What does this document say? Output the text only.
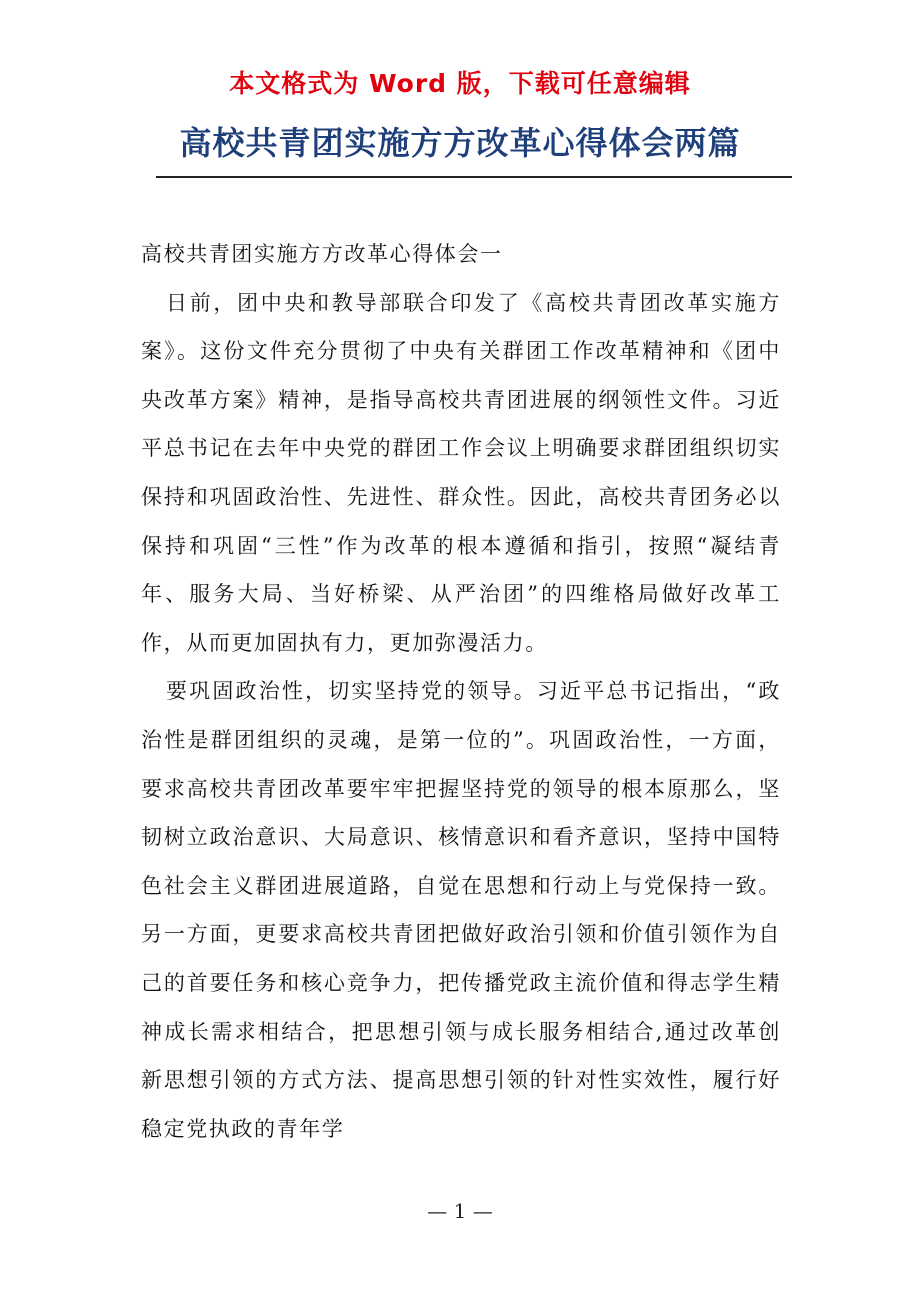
本文格式为 Word 版，下载可任意编辑
高校共青团实施方方改革心得体会两篇

高校共青团实施方方改革心得体会一

日前，团中央和教导部联合印发了《高校共青团改革实施方案》。这份文件充分贯彻了中央有关群团工作改革精神和《团中央改革方案》精神，是指导高校共青团进展的纲领性文件。习近平总书记在去年中央党的群团工作会议上明确要求群团组织切实保持和巩固政治性、先进性、群众性。因此，高校共青团务必以保持和巩固“三性”作为改革的根本遵循和指引，按照“凝结青年、服务大局、当好桥梁、从严治团”的四维格局做好改革工作，从而更加固执有力，更加弥漫活力。

要巩固政治性，切实坚持党的领导。习近平总书记指出，“政治性是群团组织的灵魂，是第一位的”。巩固政治性，一方面，要求高校共青团改革要牢牢把握坚持党的领导的根本原那么，坚韧树立政治意识、大局意识、核情意识和看齐意识，坚持中国特色社会主义群团进展道路，自觉在思想和行动上与党保持一致。另一方面，更要求高校共青团把做好政治引领和价值引领作为自己的首要任务和核心竞争力，把传播党政主流价值和得志学生精神成长需求相结合，把思想引领与成长服务相结合,通过改革创新思想引领的方式方法、提高思想引领的针对性实效性，履行好稳定党执政的青年学

— 1 —
